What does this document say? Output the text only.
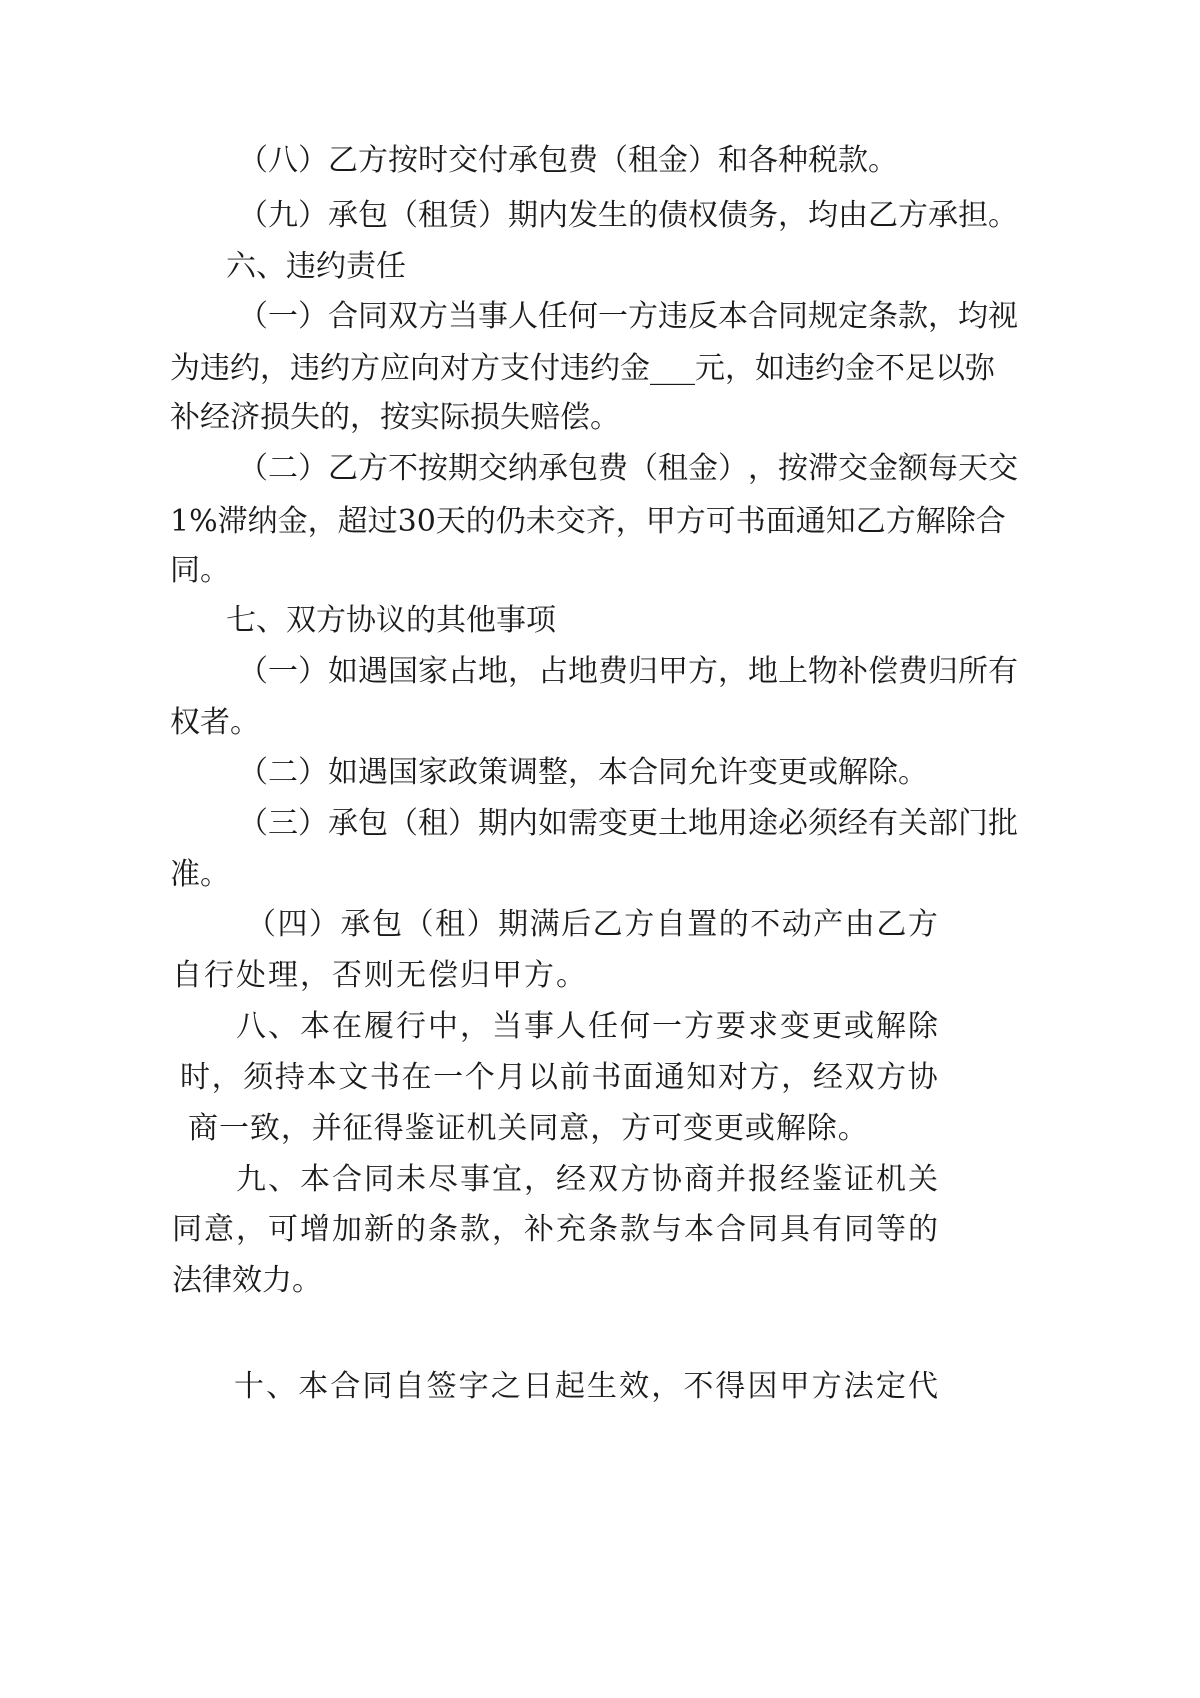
（八）乙方按时交付承包费（租金）和各种税款。
（九）承包（租赁）期内发生的债权债务，均由乙方承担。
六、违约责任
（ 一 ） 合 同 双 方 当 事 人 任 何 一 方 违 反 本 合 同 规 定 条 款 ， 均 视
为 违 约 ， 违 约 方 应 向 对 方 支 付 违 约 金 _ _ _ 元 ， 如 违 约 金 不 足 以 弥
补经济损失的，按实际损失赔偿。
（ 二 ） 乙 方 不 按 期 交 纳 承 包 费 （ 租 金 ） ， 按 滞 交 金 额 每 天 交
1 % 滞 纳 金 ， 超 过 3 0 天 的 仍 未 交 齐 ， 甲 方 可 书 面 通 知 乙 方 解 除 合
同。
七、双方协议的其他事项
（ 一 ） 如 遇 国 家 占 地 ， 占 地 费 归 甲 方 ， 地 上 物 补 偿 费 归 所 有
权者。
（二）如遇国家政策调整，本合同允许变更或解除。
（ 三 ） 承 包 （ 租 ） 期 内 如 需 变 更 土 地 用 途 必 须 经 有 关 部 门 批
准。
（ 四 ） 承 包 （ 租 ） 期 满 后 乙 方 自 置 的 不 动 产 由 乙 方
自 行 处 理 ， 否 则 无 偿 归 甲 方 。
八 、 本 在 履 行 中 ， 当 事 人 任 何 一 方 要 求 变 更 或 解 除
时 ， 须 持 本 文 书 在 一 个 月 以 前 书 面 通 知 对 方 ， 经 双 方 协
商 一 致 ， 并 征 得 鉴 证 机 关 同 意 ， 方 可 变 更 或 解 除 。
九 、 本 合 同 未 尽 事 宜 ， 经 双 方 协 商 并 报 经 鉴 证 机 关
同 意 ， 可 增 加 新 的 条 款 ， 补 充 条 款 与 本 合 同 具 有 同 等 的
法 律 效 力 。
十 、 本 合 同 自 签 字 之 日 起 生 效 ， 不 得 因 甲 方 法 定 代
